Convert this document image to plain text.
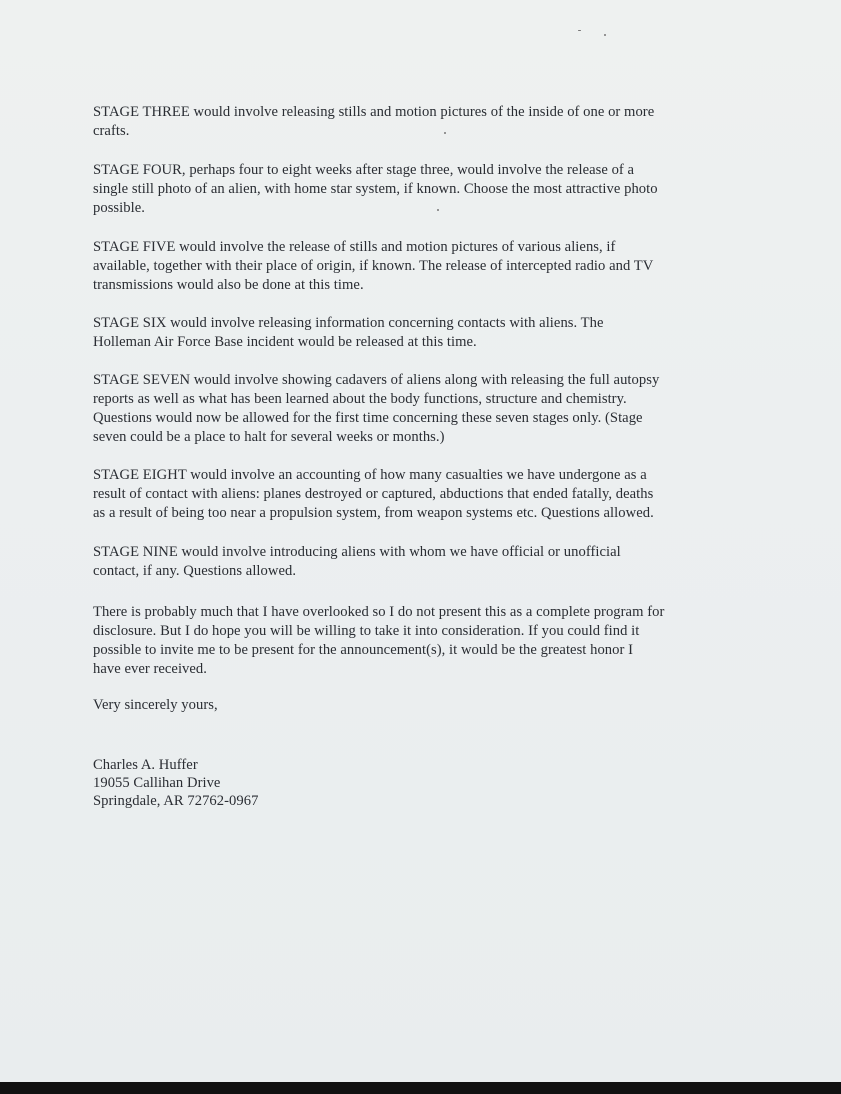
STAGE THREE would involve releasing stills and motion pictures of the inside of one or more
crafts.

STAGE FOUR, perhaps four to eight weeks after stage three, would involve the release of a
single still photo of an alien, with home star system, if known. Choose the most attractive photo
possible.

STAGE FIVE would involve the release of stills and motion pictures of various aliens, if
available, together with their place of origin, if known. The release of intercepted radio and TV
transmissions would also be done at this time.

STAGE SIX would involve releasing information concerning contacts with aliens. The
Holleman Air Force Base incident would be released at this time.

STAGE SEVEN would involve showing cadavers of aliens along with releasing the full autopsy
reports as well as what has been learned about the body functions, structure and chemistry.
Questions would now be allowed for the first time concerning these seven stages only. (Stage
seven could be a place to halt for several weeks or months.)

STAGE EIGHT would involve an accounting of how many casualties we have undergone as a
result of contact with aliens: planes destroyed or captured, abductions that ended fatally, deaths
as a result of being too near a propulsion system, from weapon systems etc. Questions allowed.

STAGE NINE would involve introducing aliens with whom we have official or unofficial
contact, if any. Questions allowed.

There is probably much that I have overlooked so I do not present this as a complete program for
disclosure. But I do hope you will be willing to take it into consideration. If you could find it
possible to invite me to be present for the announcement(s), it would be the greatest honor I
have ever received.

Very sincerely yours,

Charles A. Huffer
19055 Callihan Drive
Springdale, AR 72762-0967
